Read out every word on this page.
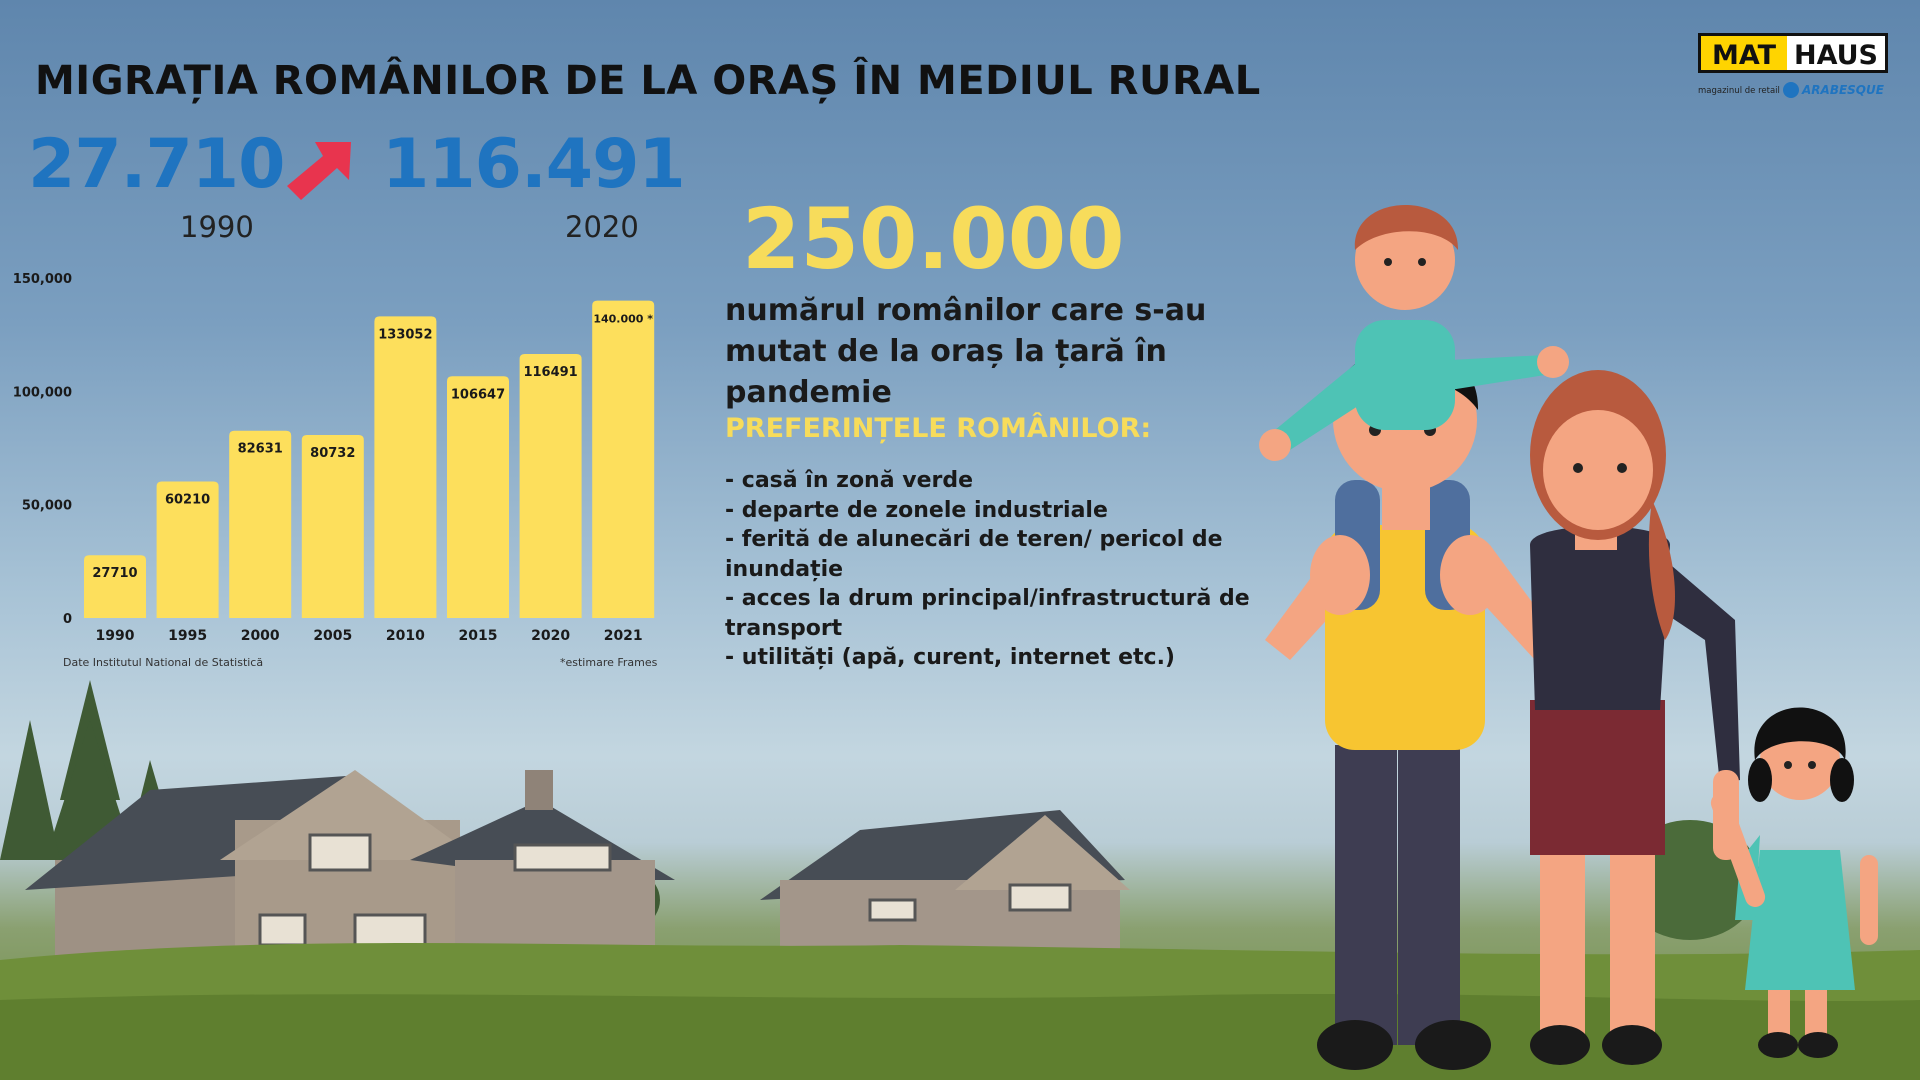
MIGRAȚIA ROMÂNILOR DE LA ORAȘ ÎN MEDIUL RURAL
27.710 116.491
1990	2020
0
50,000
100,000
150,000
27710
1990
60210
1995
82631
2000
80732
2005
133052
2010
106647
2015
116491
2020
140.000 *
2021
Date Institutul National de Statistică	*estimare Frames
250.000
numărul românilor care s-au mutat de la oraș la țară în pandemie
PREFERINȚELE ROMÂNILOR:
- casă în zonă verde
- departe de zonele industriale
- ferită de alunecări de teren/ pericol de inundație
- acces la drum principal/infrastructură de transport
- utilități (apă, curent, internet etc.)
MAT HAUS
magazinul de retail ARABESQUE
